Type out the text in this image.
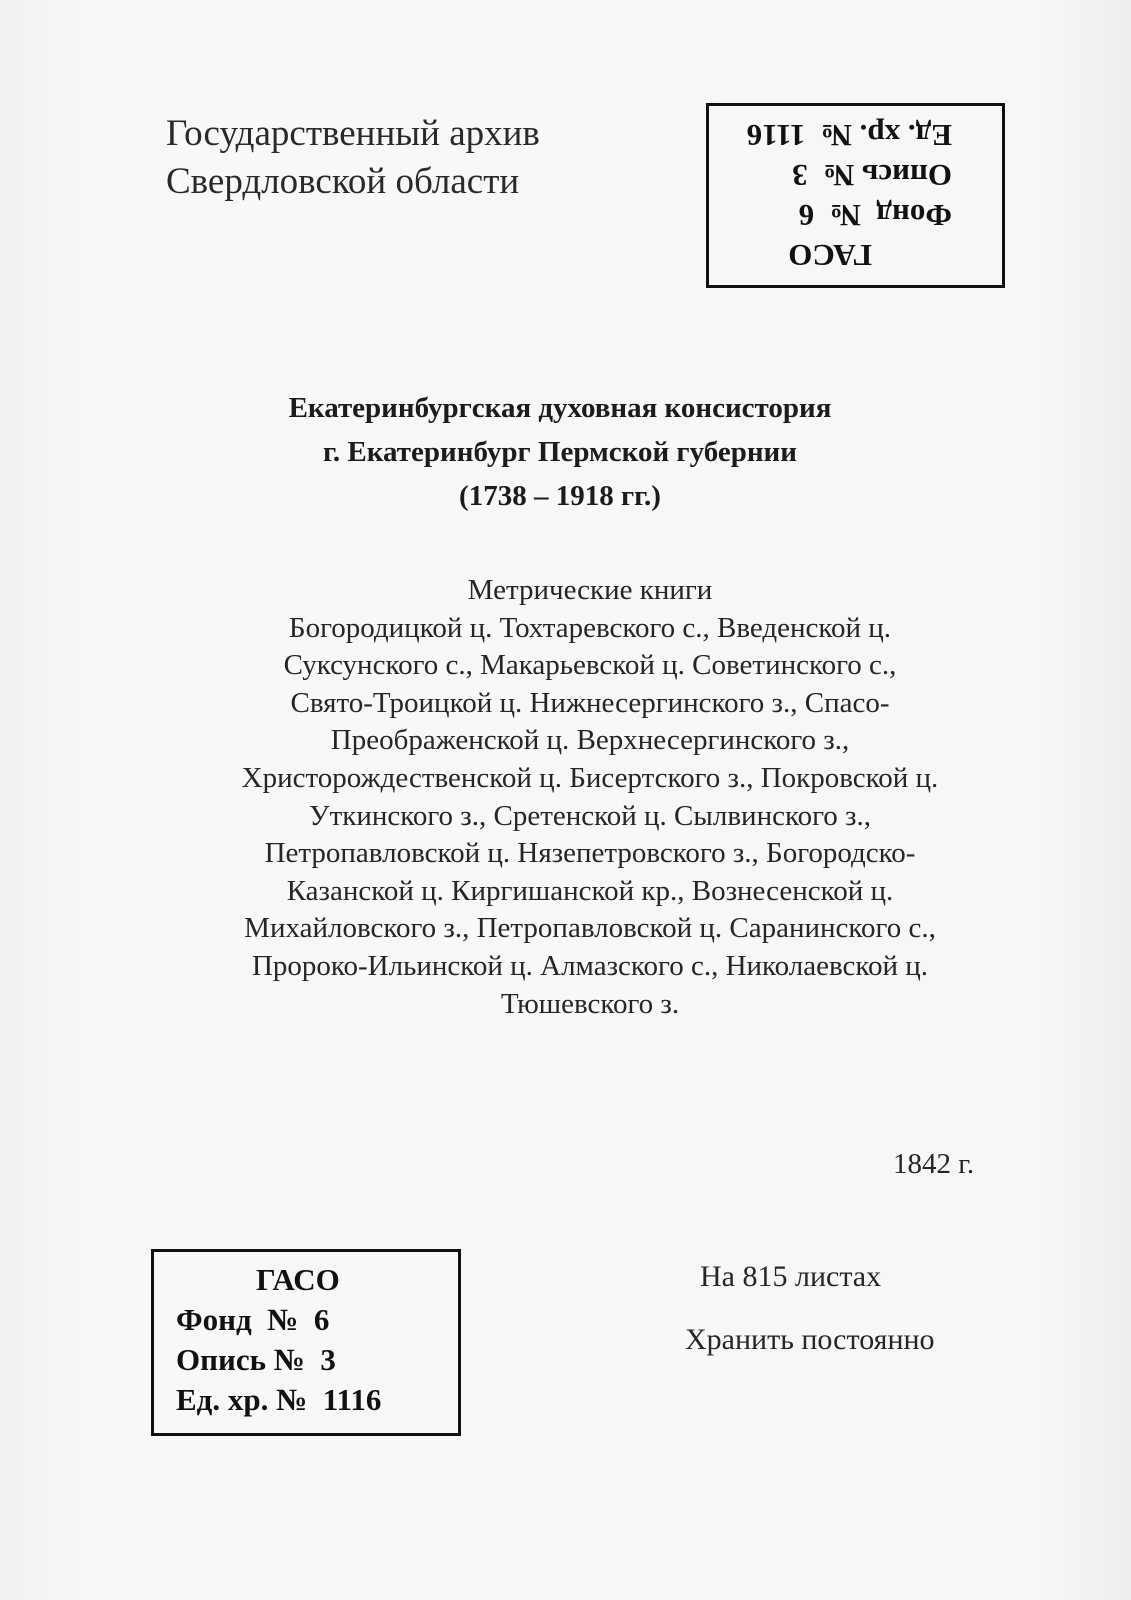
Государственный архив
Свердловской области
ГАСО
Фонд  №  6
Опись №  3
Ед. хр. №  1116
Екатеринбургская духовная консистория
г. Екатеринбург Пермской губернии
(1738 – 1918 гг.)
Метрические книги
Богородицкой ц. Тохтаревского с., Введенской ц.
Суксунского с., Макарьевской ц. Советинского с.,
Свято-Троицкой ц. Нижнесергинского з., Спасо-
Преображенской ц. Верхнесергинского з.,
Христорождественской ц. Бисертского з., Покровской ц.
Уткинского з., Сретенской ц. Сылвинского з.,
Петропавловской ц. Нязепетровского з., Богородско-
Казанской ц. Киргишанской кр., Вознесенской ц.
Михайловского з., Петропавловской ц. Саранинского с.,
Пророко-Ильинской ц. Алмазского с., Николаевской ц.
Тюшевского з.
1842 г.
ГАСО
Фонд  №  6
Опись №  3
Ед. хр. №  1116
На 815 листах
Хранить постоянно
